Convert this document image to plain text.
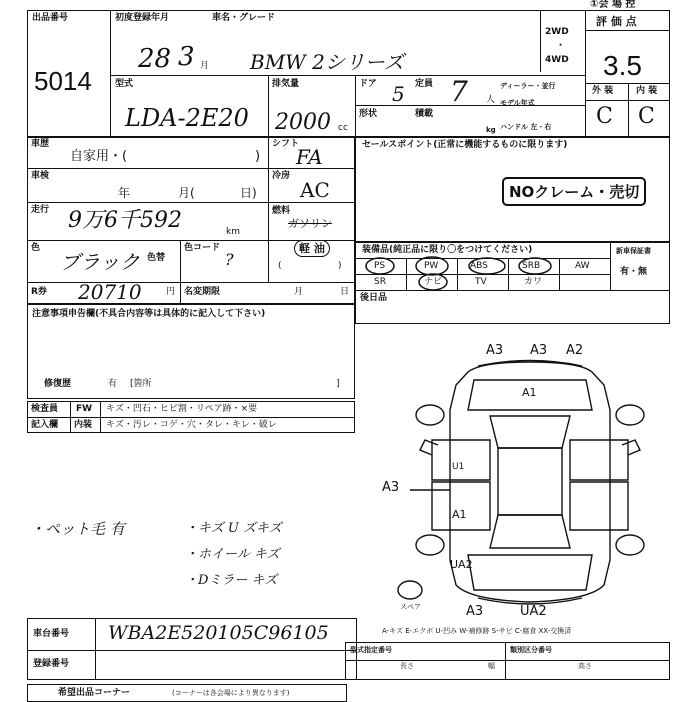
①会 場 控
出品番号
5014
初度登録年月
28 3 月
車名・グレード
BMW 2シリーズ
2WD
・
4WD
評 価 点
3.5
型式
LDA-2E20
排気量
2000 cc
ドア 5 定員 7 人
形状	積載
kg
ディーラー・並行
モデル年式
ハンドル 左・右
外 装	内 装
C C
車歴
自家用・(	)
車検
年	月(	日)
走行 9万6千592	km
色
ブラック 色替
色コード
?
R券 20710	円 名変期限	月	日
シフト
FA
冷房
AC
燃料
ガソリン
軽 油
(	)
セールスポイント(正常に機能するものに限ります)
NOクレーム・売切
装備品(純正品に限り〇をつけてください)
PS	PW	ABS	SRB	AW
SR	ナビ	TV	カワ
後日品
新車保証書
有・無
注意事項申告欄(不具合内容等は具体的に記入して下さい)
修復歴	有 [箇所	]
検査員
記入欄
FW キズ・凹石・ヒビ割・リペア跡・×要
内装 キズ・汚レ・コゲ・穴・タレ・キレ・破レ
・ペット毛 有	・キズ U ズキズ
・ホイール キズ
・Dミラー キズ
A3 A3 A2
A1
U1
A1
A3
UA2
A3	UA2
スペア
A-キズ E-エクボ U-凹み W-補修跡 S-サビ C-腐食 XX-交換済
車台番号 WBA2E520105C96105
登録番号
型式指定番号	類別区分番号
長さ	幅	高さ
希望出品コーナー	(コーナーは各会場により異なります)
